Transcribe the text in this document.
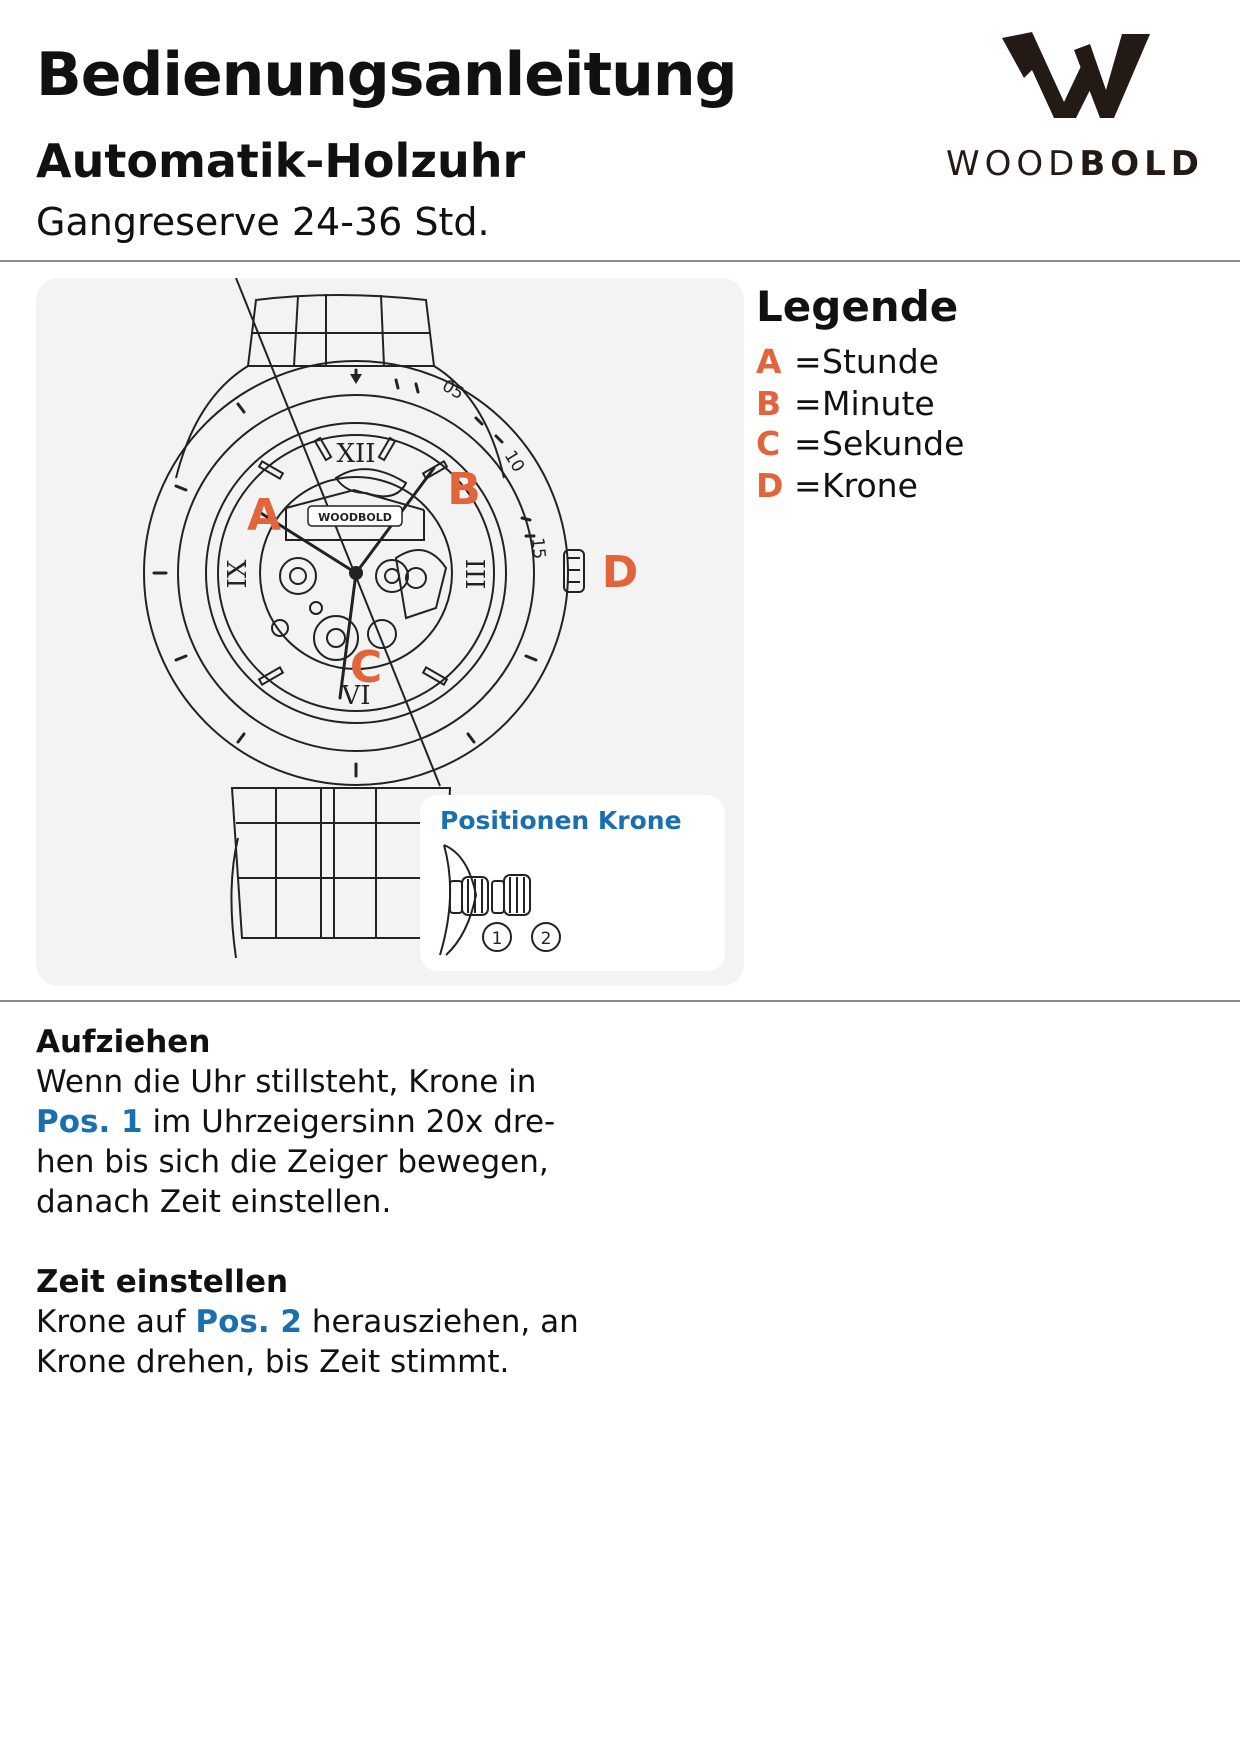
Bedienungsanleitung
Automatik-Holzuhr
Gangreserve 24-36 Std.
WOODBOLD
05
10
15
XII
III
VI
IX
WOODBOLD
A
B
C
D
Positionen Krone
1 2
Legende
A =Stunde
B =Minute
C =Sekunde
D =Krone
Aufziehen
Wenn die Uhr stillsteht, Krone in
Pos. 1 im Uhrzeigersinn 20x dre-
hen bis sich die Zeiger bewegen,
danach Zeit einstellen.
Zeit einstellen
Krone auf Pos. 2 herausziehen, an
Krone drehen, bis Zeit stimmt.
